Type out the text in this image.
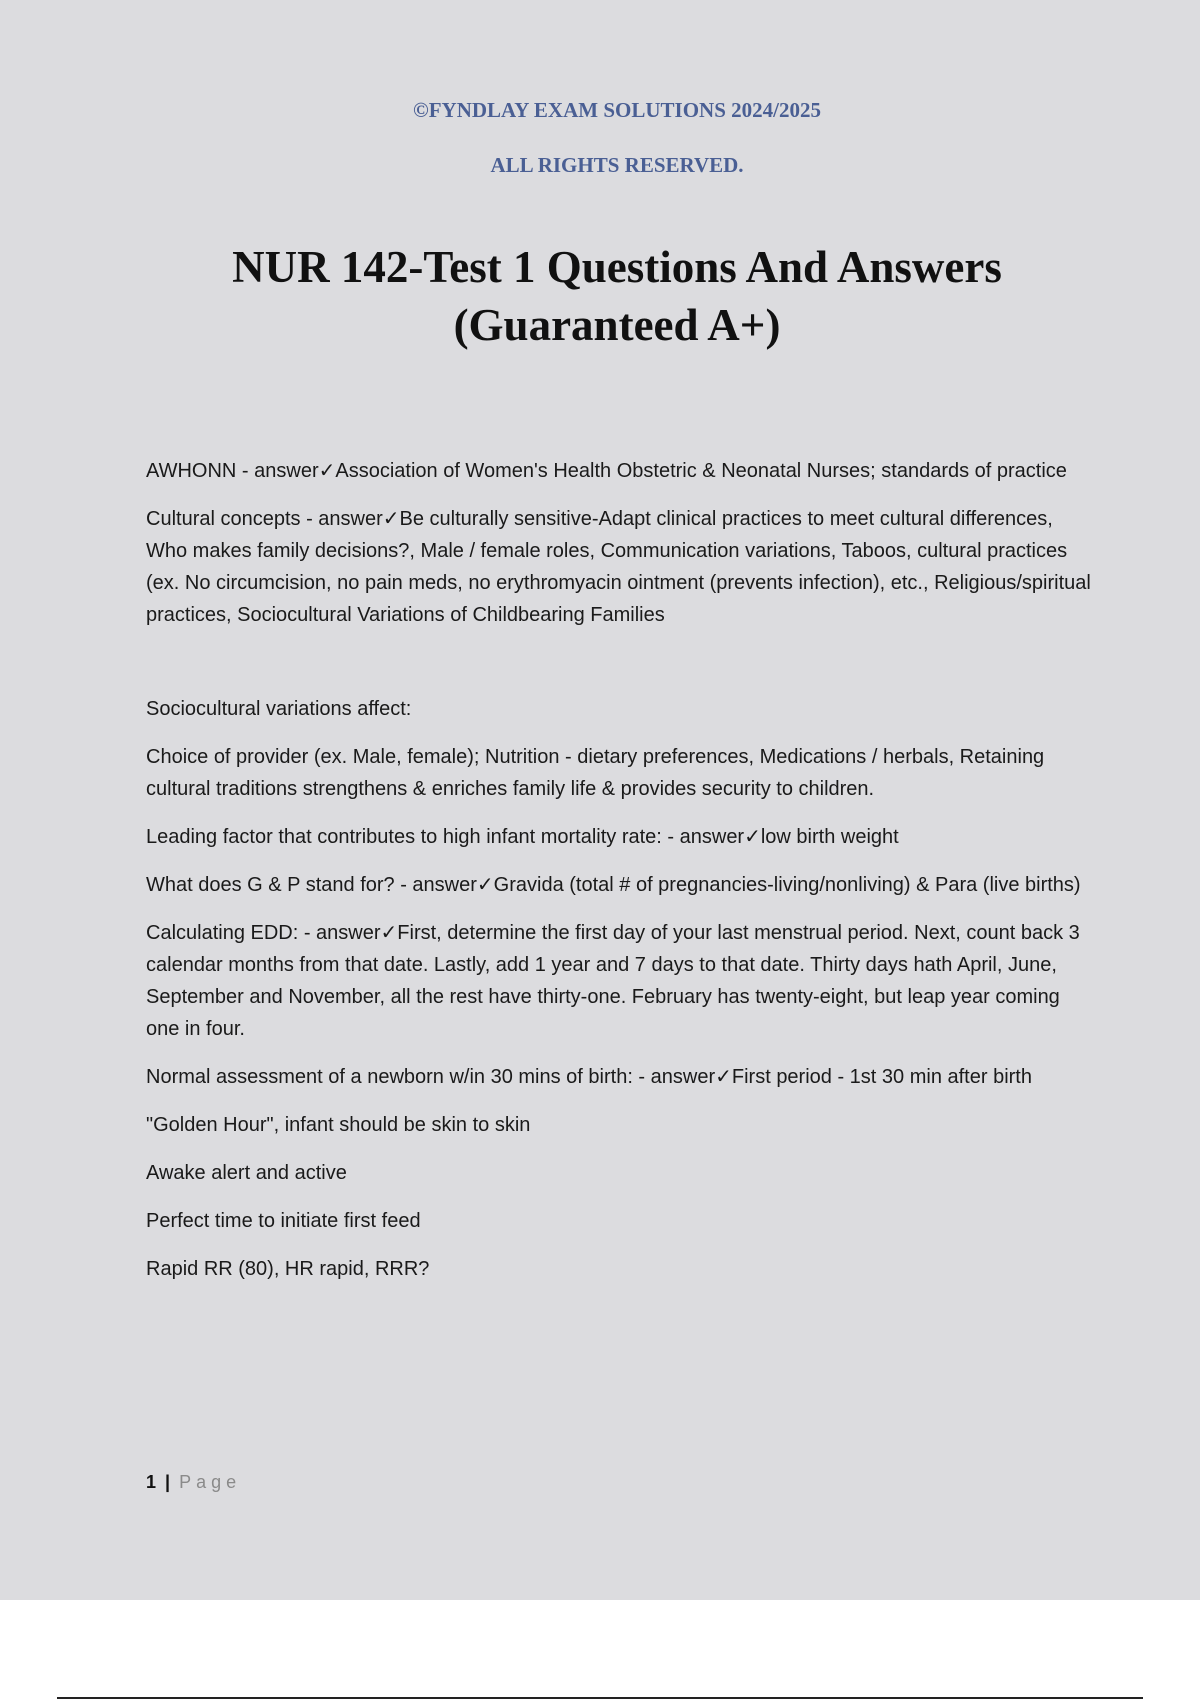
©FYNDLAY EXAM SOLUTIONS 2024/2025

ALL RIGHTS RESERVED.

NUR 142-Test 1 Questions And Answers
(Guaranteed A+)

AWHONN - answer✓Association of Women's Health Obstetric & Neonatal Nurses; standards of practice

Cultural concepts - answer✓Be culturally sensitive-Adapt clinical practices to meet cultural differences, Who makes family decisions?, Male / female roles, Communication variations, Taboos, cultural practices (ex. No circumcision, no pain meds, no erythromyacin ointment (prevents infection), etc., Religious/spiritual practices, Sociocultural Variations of Childbearing Families

Sociocultural variations affect:

Choice of provider (ex. Male, female); Nutrition - dietary preferences, Medications / herbals, Retaining cultural traditions strengthens & enriches family life & provides security to children.

Leading factor that contributes to high infant mortality rate: - answer✓low birth weight

What does G & P stand for? - answer✓Gravida (total # of pregnancies-living/nonliving) & Para (live births)

Calculating EDD: - answer✓First, determine the first day of your last menstrual period. Next, count back 3 calendar months from that date. Lastly, add 1 year and 7 days to that date. Thirty days hath April, June, September and November, all the rest have thirty-one. February has twenty-eight, but leap year coming one in four.

Normal assessment of a newborn w/in 30 mins of birth: - answer✓First period - 1st 30 min after birth

"Golden Hour", infant should be skin to skin

Awake alert and active

Perfect time to initiate first feed

Rapid RR (80), HR rapid, RRR?

1 | Page
